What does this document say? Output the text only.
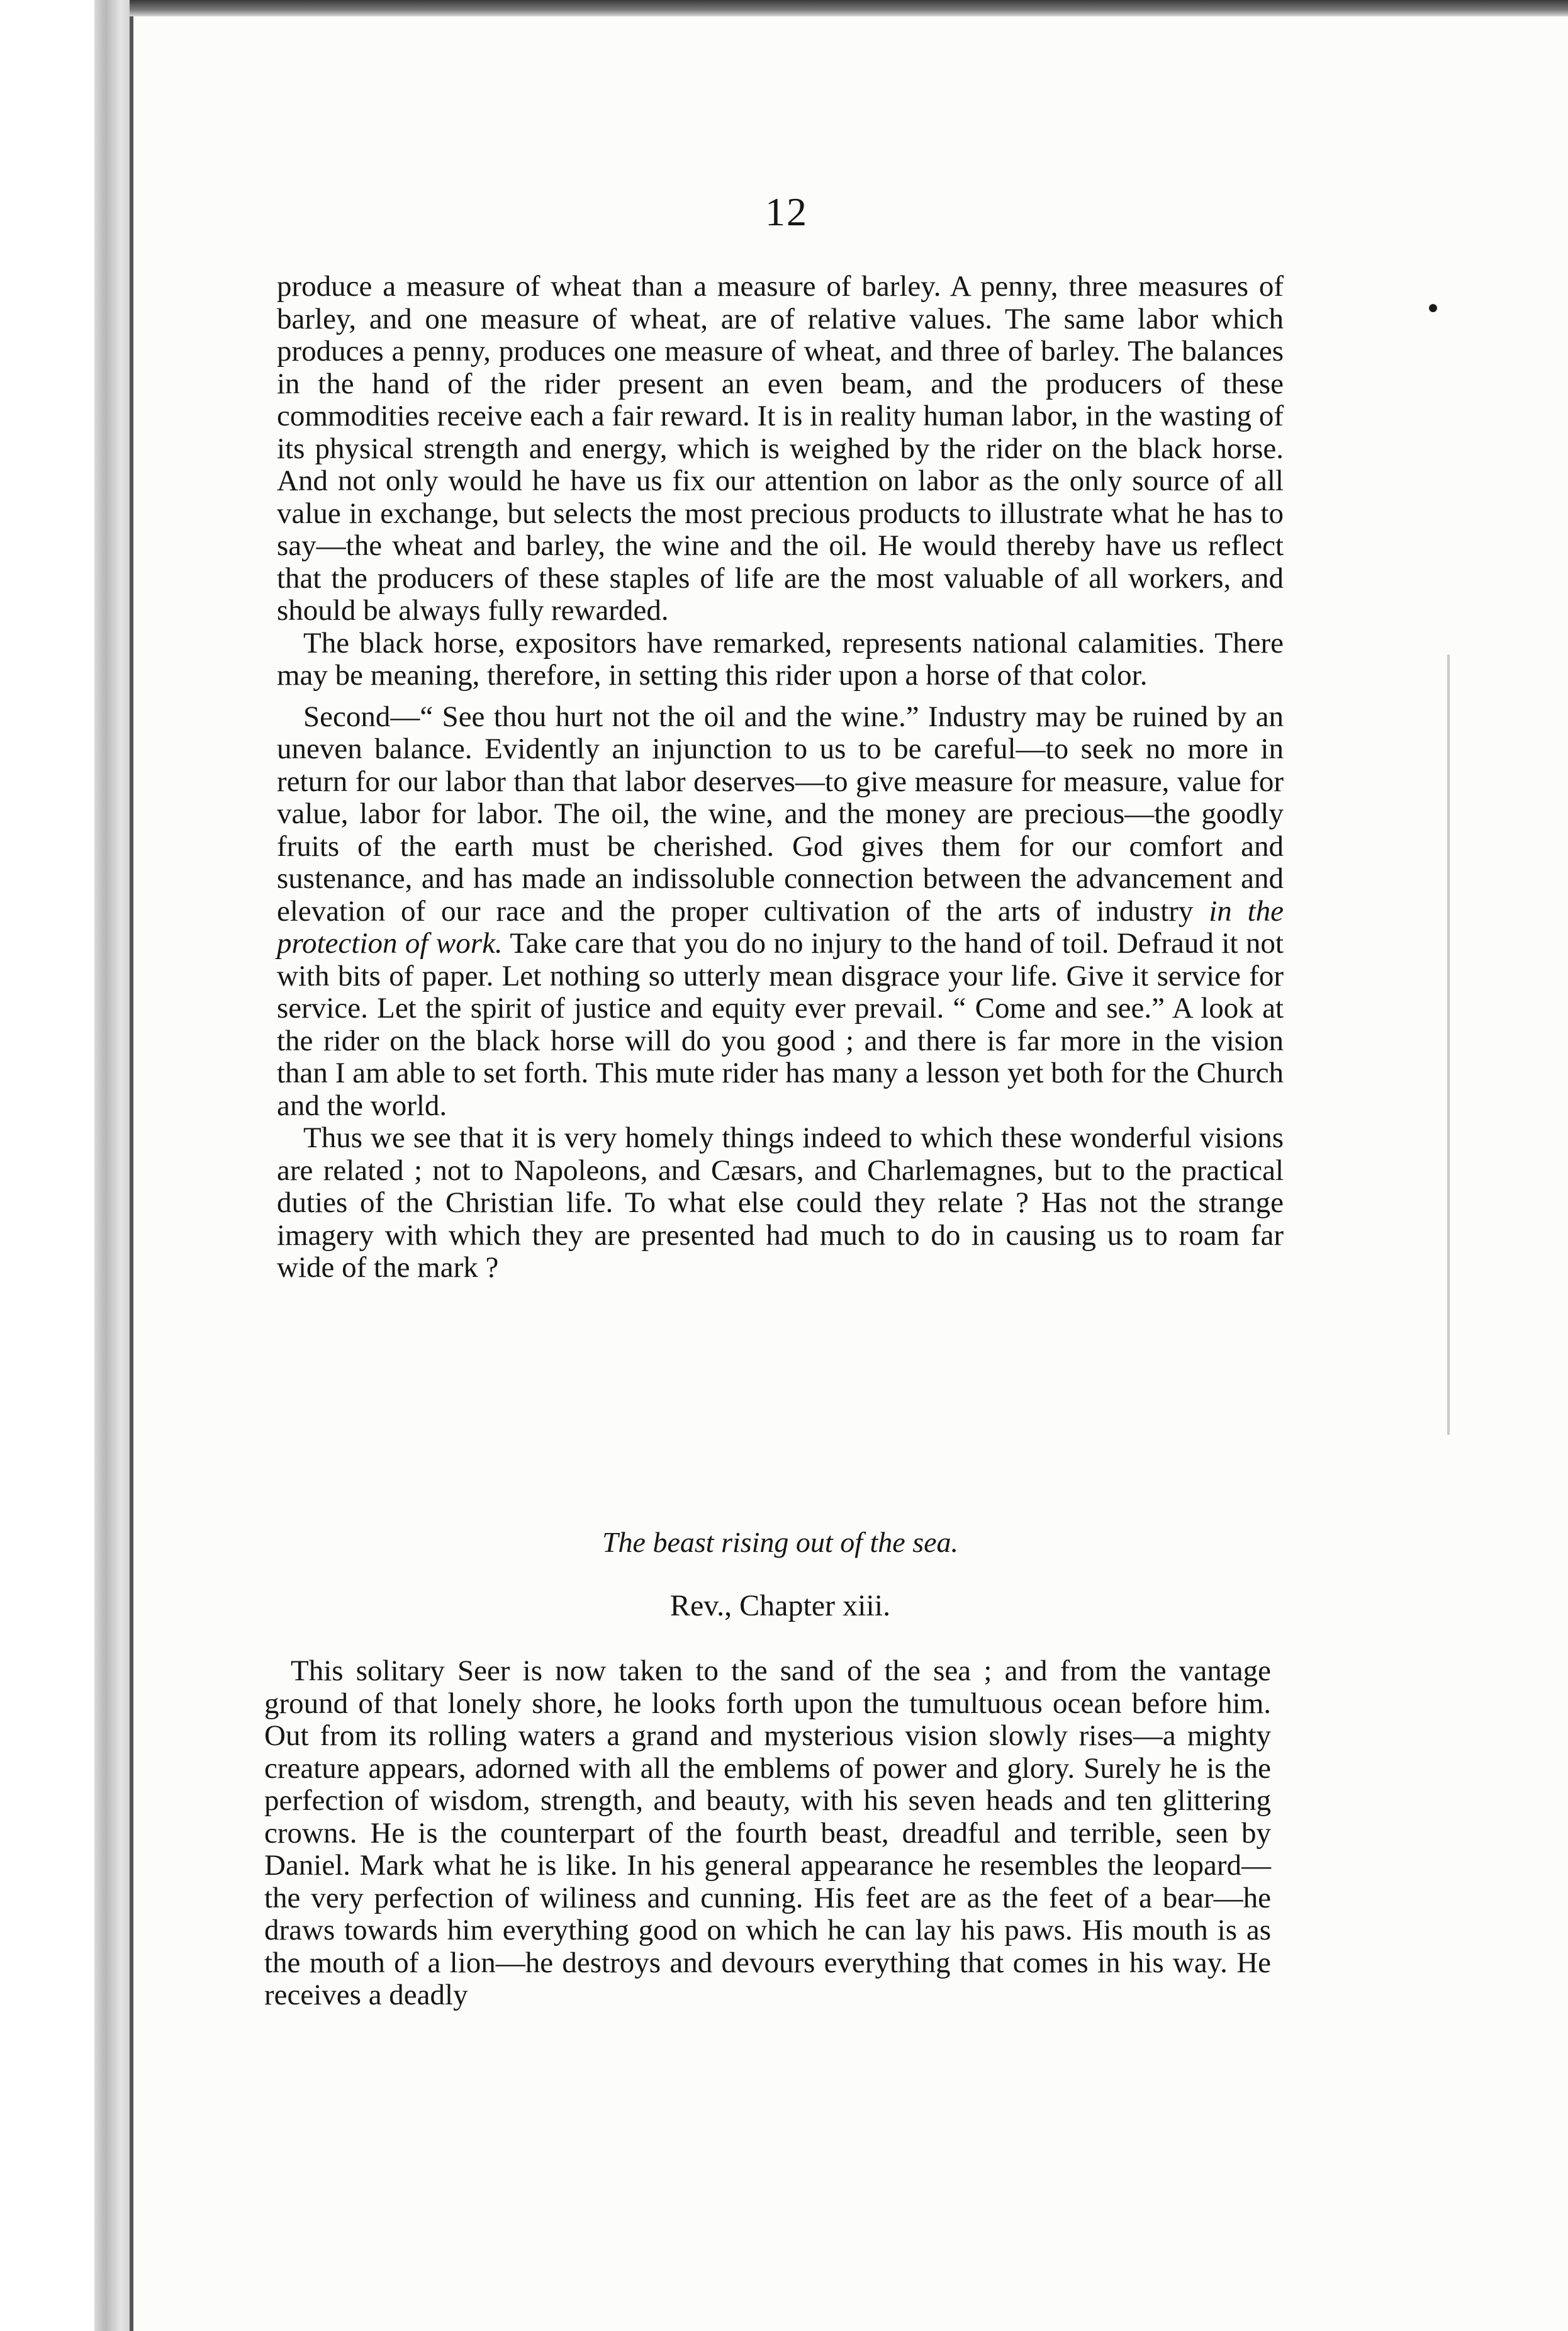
˙
12

produce a measure of wheat than a measure of barley. A penny, three measures of barley, and one measure of wheat, are of relative values. The same labor which produces a penny, produces one measure of wheat, and three of barley. The balances in the hand of the rider present an even beam, and the producers of these commodities receive each a fair reward. It is in reality human labor, in the wasting of its physical strength and energy, which is weighed by the rider on the black horse. And not only would he have us fix our attention on labor as the only source of all value in exchange, but selects the most precious products to illustrate what he has to say—the wheat and barley, the wine and the oil. He would thereby have us reflect that the producers of these staples of life are the most valuable of all workers, and should be always fully rewarded.

The black horse, expositors have remarked, represents national calamities. There may be meaning, therefore, in setting this rider upon a horse of that color.

Second—“ See thou hurt not the oil and the wine.” Industry may be ruined by an uneven balance. Evidently an injunction to us to be careful—to seek no more in return for our labor than that labor deserves—to give measure for measure, value for value, labor for labor. The oil, the wine, and the money are precious—the goodly fruits of the earth must be cherished. God gives them for our comfort and sustenance, and has made an indissoluble connection between the advancement and elevation of our race and the proper cultivation of the arts of industry in the protection of work. Take care that you do no injury to the hand of toil. Defraud it not with bits of paper. Let nothing so utterly mean disgrace your life. Give it service for service. Let the spirit of justice and equity ever prevail. “ Come and see.” A look at the rider on the black horse will do you good ; and there is far more in the vision than I am able to set forth. This mute rider has many a lesson yet both for the Church and the world.

Thus we see that it is very homely things indeed to which these wonderful visions are related ; not to Napoleons, and Cæsars, and Charlemagnes, but to the practical duties of the Christian life. To what else could they relate ? Has not the strange imagery with which they are presented had much to do in causing us to roam far wide of the mark ?

The beast rising out of the sea.
Rev., Chapter xiii.

This solitary Seer is now taken to the sand of the sea ; and from the vantage ground of that lonely shore, he looks forth upon the tumultuous ocean before him. Out from its rolling waters a grand and mysterious vision slowly rises—a mighty creature appears, adorned with all the emblems of power and glory. Surely he is the perfection of wisdom, strength, and beauty, with his seven heads and ten glittering crowns. He is the counterpart of the fourth beast, dreadful and terrible, seen by Daniel. Mark what he is like. In his general appearance he resembles the leopard—the very perfection of wiliness and cunning. His feet are as the feet of a bear—he draws towards him everything good on which he can lay his paws. His mouth is as the mouth of a lion—he destroys and devours everything that comes in his way. He receives a deadly
